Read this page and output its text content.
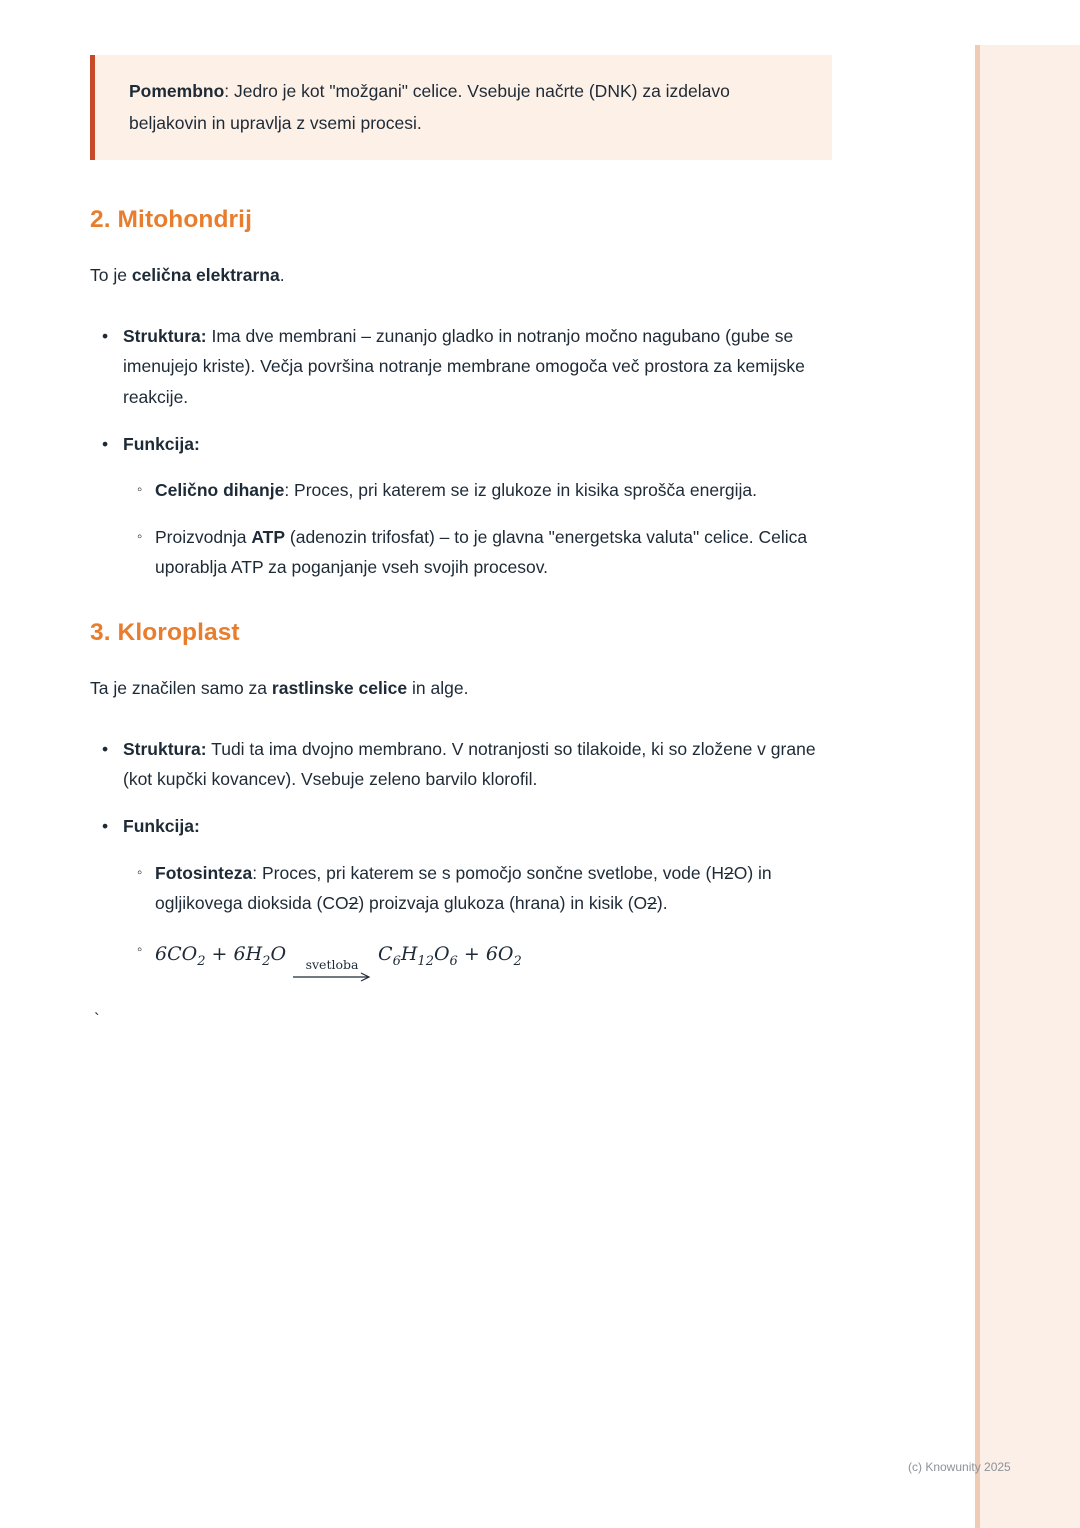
Pomembno: Jedro je kot "možgani" celice. Vsebuje načrte (DNK) za izdelavo beljakovin in upravlja z vsemi procesi.

2. Mitohondrij

To je celična elektrarna.

• Struktura: Ima dve membrani – zunanjo gladko in notranjo močno nagubano (gube se imenujejo kriste). Večja površina notranje membrane omogoča več prostora za kemijske reakcije.

• Funkcija:

◦ Celično dihanje: Proces, pri katerem se iz glukoze in kisika sprošča energija.

◦ Proizvodnja ATP (adenozin trifosfat) – to je glavna "energetska valuta" celice. Celica uporablja ATP za poganjanje vseh svojih procesov.

3. Kloroplast

Ta je značilen samo za rastlinske celice in alge.

• Struktura: Tudi ta ima dvojno membrano. V notranjosti so tilakoide, ki so zložene v grane (kot kupčki kovancev). Vsebuje zeleno barvilo klorofil.

• Funkcija:

◦ Fotosinteza: Proces, pri katerem se s pomočjo sončne svetlobe, vode (H2O) in ogljikovega dioksida (CO2) proizvaja glukoza (hrana) in kisik (O2).

◦ $6CO_2 + 6H_2O$ svetloba $C_6H_{12}O_6 + 6O_2$

`
(c) Knowunity 2025
